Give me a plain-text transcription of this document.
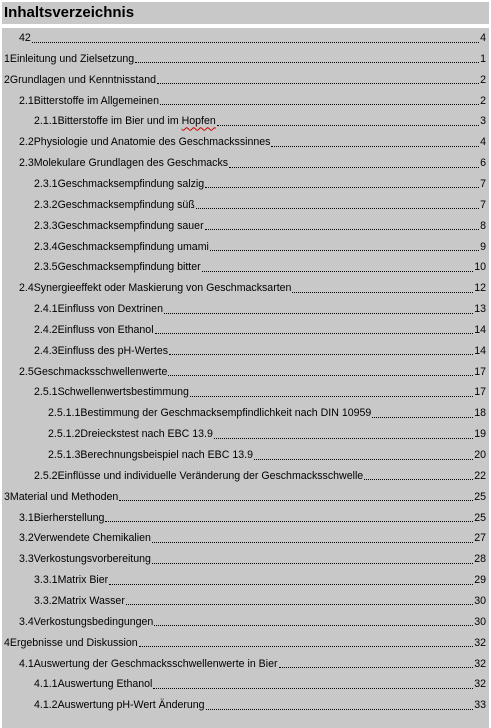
Inhaltsverzeichnis
42	4
1 Einleitung und Zielsetzung	1
2 Grundlagen und Kenntnisstand	2
2.1 Bitterstoffe im Allgemeinen	2
2.1.1 Bitterstoffe im Bier und im Hopfen	3
2.2 Physiologie und Anatomie des Geschmackssinnes	4
2.3 Molekulare Grundlagen des Geschmacks	6
2.3.1 Geschmacksempfindung salzig	7
2.3.2 Geschmacksempfindung süß	7
2.3.3 Geschmacksempfindung sauer	8
2.3.4 Geschmacksempfindung umami	9
2.3.5 Geschmacksempfindung bitter	10
2.4 Synergieeffekt oder Maskierung von Geschmacksarten	12
2.4.1 Einfluss von Dextrinen	13
2.4.2 Einfluss von Ethanol	14
2.4.3 Einfluss des pH-Wertes	14
2.5 Geschmacksschwellenwerte	17
2.5.1 Schwellenwertsbestimmung	17
2.5.1.1 Bestimmung der Geschmacksempfindlichkeit nach DIN 10959	18
2.5.1.2 Dreieckstest nach EBC 13.9	19
2.5.1.3 Berechnungsbeispiel nach EBC 13.9	20
2.5.2 Einflüsse und individuelle Veränderung der Geschmacksschwelle	22
3 Material und Methoden	25
3.1 Bierherstellung	25
3.2 Verwendete Chemikalien	27
3.3 Verkostungsvorbereitung	28
3.3.1 Matrix Bier	29
3.3.2 Matrix Wasser	30
3.4 Verkostungsbedingungen	30
4 Ergebnisse und Diskussion	32
4.1 Auswertung der Geschmacksschwellenwerte in Bier	32
4.1.1 Auswertung Ethanol	32
4.1.2 Auswertung pH-Wert Änderung	33
